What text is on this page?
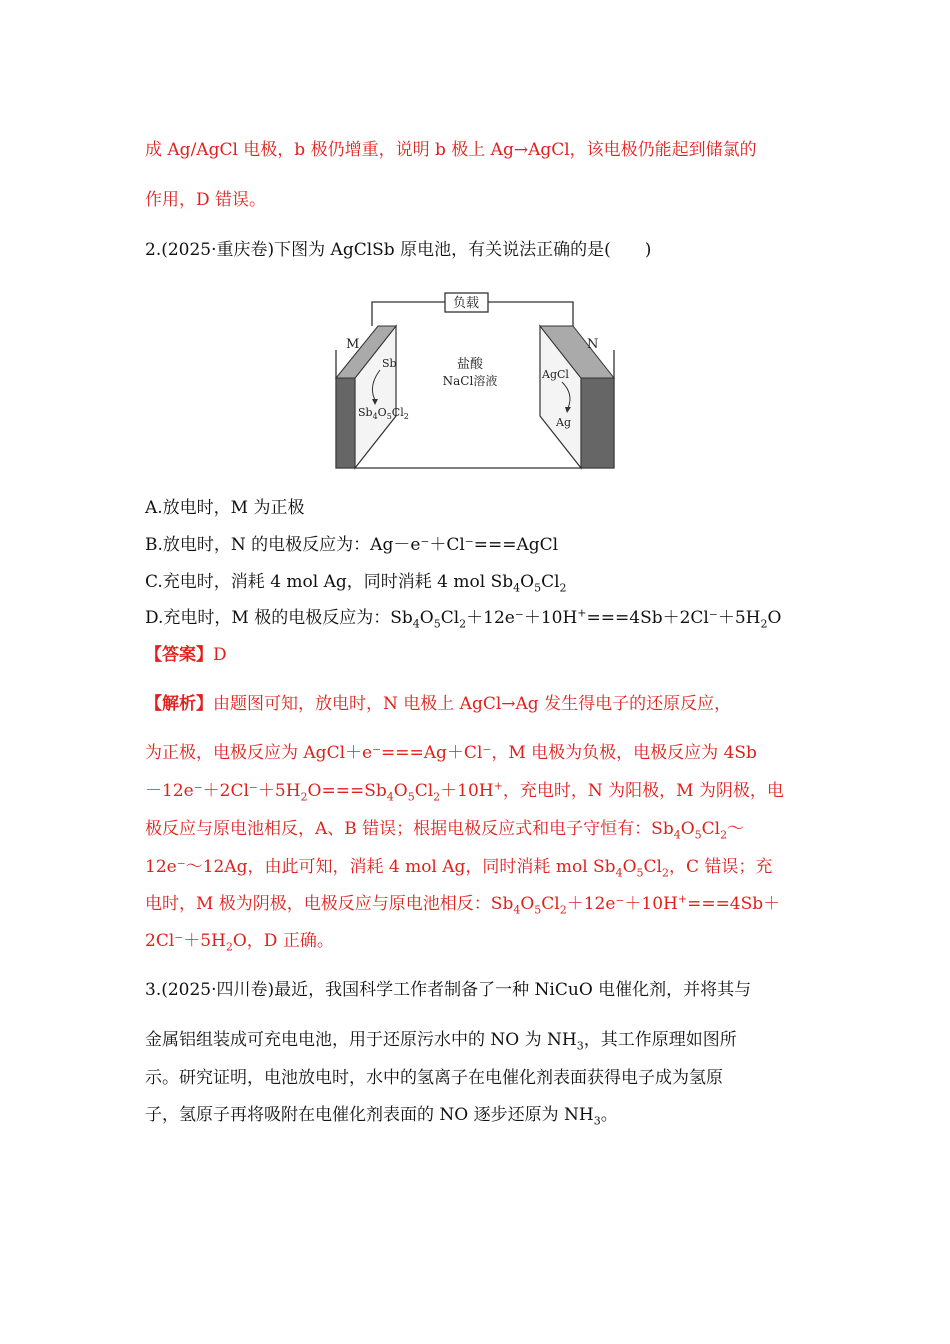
成 Ag/AgCl 电极，b 极仍增重，说明 b 极上 Ag→AgCl，该电极仍能起到储氯的
作用，D 错误。
2.(2025·重庆卷)下图为 AgClSb 原电池，有关说法正确的是(　　)
负载
M
Sb
$Sb_4O_5Cl_2$
盐酸
NaCl溶液
N
AgCl
Ag
A.放电时，M 为正极
B.放电时，N 的电极反应为：Ag－e⁻＋Cl⁻===AgCl
C.充电时，消耗 4 mol Ag，同时消耗 4 mol $Sb_4O_5Cl_2$
D.充电时，M 极的电极反应为：$Sb_4O_5Cl_2+12e^-+10H^+===4Sb+2Cl^-+5H_2O$
【答案】D
【解析】由题图可知，放电时，N 电极上 AgCl→Ag 发生得电子的还原反应，
为正极，电极反应为 AgCl＋e⁻===Ag＋Cl⁻，M 电极为负极，电极反应为 4Sb
$-12e^-+2Cl^-+5H_2O===Sb_4O_5Cl_2+10H^+$，充电时，N 为阳极，M 为阴极，电
极反应与原电池相反，A、B 错误；根据电极反应式和电子守恒有：$Sb_4O_5Cl_2\sim$
12e⁻～12Ag，由此可知，消耗 4 mol Ag，同时消耗 mol $Sb_4O_5Cl_2$，C 错误；充
电时，M 极为阴极，电极反应与原电池相反：$Sb_4O_5Cl_2+12e^-+10H^+===4Sb+$
$2Cl^-+5H_2O$，D 正确。
3.(2025·四川卷)最近，我国科学工作者制备了一种 NiCuO 电催化剂，并将其与
金属铝组装成可充电电池，用于还原污水中的 NO 为 $NH_3$，其工作原理如图所
示。研究证明，电池放电时，水中的氢离子在电催化剂表面获得电子成为氢原
子，氢原子再将吸附在电催化剂表面的 NO 逐步还原为 $NH_3$。
